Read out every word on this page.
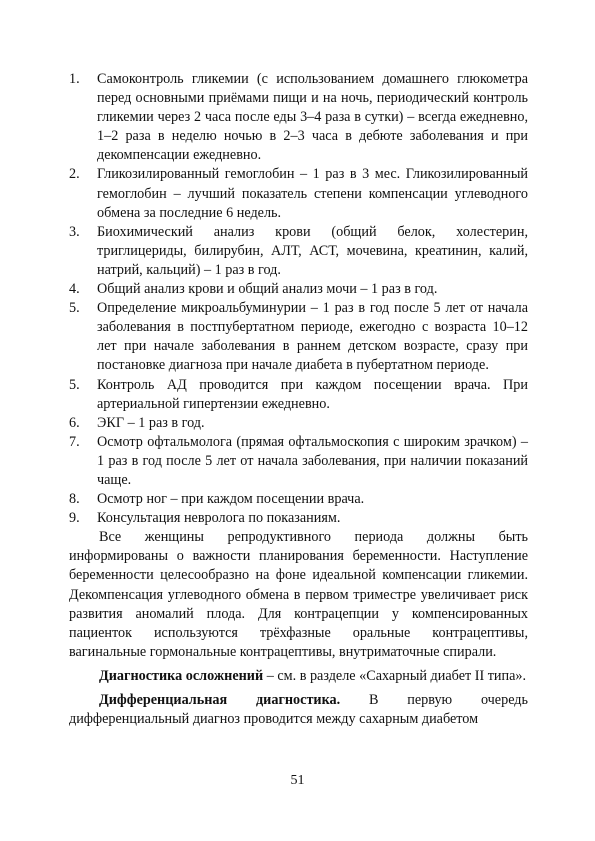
1.	Самоконтроль гликемии (с использованием домашнего глюкометра перед основными приёмами пищи и на ночь, периодический контроль гликемии через 2 часа после еды 3–4 раза в сутки) – всегда ежедневно, 1–2 раза в неделю ночью в 2–3 часа в дебюте заболевания и при декомпенсации ежедневно.
2.	Гликозилированный гемоглобин – 1 раз в 3 мес. Гликозилированный гемоглобин – лучший показатель степени компенсации углеводного обмена за последние 6 недель.
3.	Биохимический анализ крови (общий белок, холестерин, триглицериды, билирубин, АЛТ, АСТ, мочевина, креатинин, калий, натрий, кальций) – 1 раз в год.
4.	Общий анализ крови и общий анализ мочи – 1 раз в год.
5.	Определение микроальбуминурии – 1 раз в год после 5 лет от начала заболевания в постпубертатном периоде, ежегодно с возраста 10–12 лет при начале заболевания в раннем детском возрасте, сразу при постановке диагноза при начале диабета в пубертатном периоде.
5.	Контроль АД проводится при каждом посещении врача. При артериальной гипертензии ежедневно.
6.	ЭКГ – 1 раз в год.
7.	Осмотр офтальмолога (прямая офтальмоскопия с широким зрачком) – 1 раз в год после 5 лет от начала заболевания, при наличии показаний чаще.
8.	Осмотр ног – при каждом посещении врача.
9.	Консультация невролога по показаниям.

Все женщины репродуктивного периода должны быть информированы о важности планирования беременности. Наступление беременности целесообразно на фоне идеальной компенсации гликемии. Декомпенсация углеводного обмена в первом триместре увеличивает риск развития аномалий плода. Для контрацепции у компенсированных пациенток используются трёхфазные оральные контрацептивы, вагинальные гормональные контрацептивы, внутриматочные спирали.

Диагностика осложнений – см. в разделе «Сахарный диабет II типа».

Дифференциальная диагностика. В первую очередь дифференциальный диагноз проводится между сахарным диабетом

51
